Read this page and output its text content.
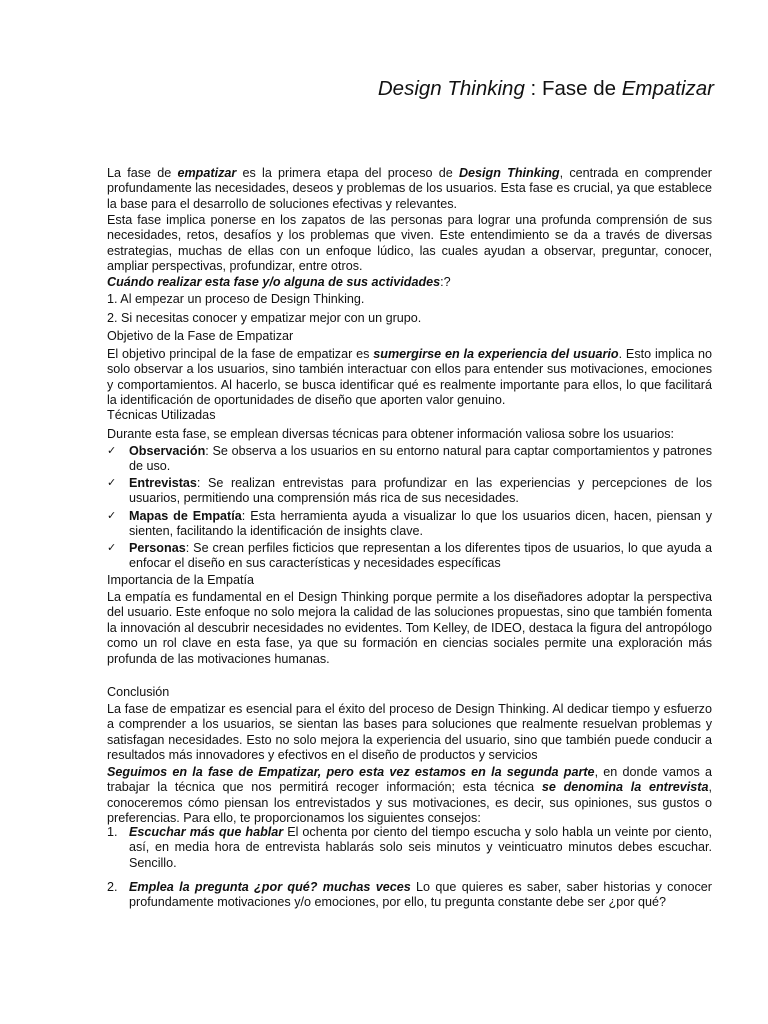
Design Thinking : Fase de Empatizar

La fase de empatizar es la primera etapa del proceso de Design Thinking, centrada en comprender profundamente las necesidades, deseos y problemas de los usuarios. Esta fase es crucial, ya que establece la base para el desarrollo de soluciones efectivas y relevantes.

Esta fase implica ponerse en los zapatos de las personas para lograr una profunda comprensión de sus necesidades, retos, desafíos y los problemas que viven. Este entendimiento se da a través de diversas estrategias, muchas de ellas con un enfoque lúdico, las cuales ayudan a observar, preguntar, conocer, ampliar perspectivas, profundizar, entre otros.

Cuándo realizar esta fase y/o alguna de sus actividades:?
1. Al empezar un proceso de Design Thinking.
2. Si necesitas conocer y empatizar mejor con un grupo.
Objetivo de la Fase de Empatizar

El objetivo principal de la fase de empatizar es sumergirse en la experiencia del usuario. Esto implica no solo observar a los usuarios, sino también interactuar con ellos para entender sus motivaciones, emociones y comportamientos. Al hacerlo, se busca identificar qué es realmente importante para ellos, lo que facilitará la identificación de oportunidades de diseño que aporten valor genuino.

Técnicas Utilizadas
Durante esta fase, se emplean diversas técnicas para obtener información valiosa sobre los usuarios:
✓ Observación: Se observa a los usuarios en su entorno natural para captar comportamientos y patrones de uso.
✓ Entrevistas: Se realizan entrevistas para profundizar en las experiencias y percepciones de los usuarios, permitiendo una comprensión más rica de sus necesidades.
✓ Mapas de Empatía: Esta herramienta ayuda a visualizar lo que los usuarios dicen, hacen, piensan y sienten, facilitando la identificación de insights clave.
✓ Personas: Se crean perfiles ficticios que representan a los diferentes tipos de usuarios, lo que ayuda a enfocar el diseño en sus características y necesidades específicas
Importancia de la Empatía

La empatía es fundamental en el Design Thinking porque permite a los diseñadores adoptar la perspectiva del usuario. Este enfoque no solo mejora la calidad de las soluciones propuestas, sino que también fomenta la innovación al descubrir necesidades no evidentes. Tom Kelley, de IDEO, destaca la figura del antropólogo como un rol clave en esta fase, ya que su formación en ciencias sociales permite una exploración más profunda de las motivaciones humanas.

Conclusión

La fase de empatizar es esencial para el éxito del proceso de Design Thinking. Al dedicar tiempo y esfuerzo a comprender a los usuarios, se sientan las bases para soluciones que realmente resuelvan problemas y satisfagan necesidades. Esto no solo mejora la experiencia del usuario, sino que también puede conducir a resultados más innovadores y efectivos en el diseño de productos y servicios

Seguimos en la fase de Empatizar, pero esta vez estamos en la segunda parte, en donde vamos a trabajar la técnica que nos permitirá recoger información; esta técnica se denomina la entrevista, conoceremos cómo piensan los entrevistados y sus motivaciones, es decir, sus opiniones, sus gustos o preferencias. Para ello, te proporcionamos los siguientes consejos:

1. Escuchar más que hablar El ochenta por ciento del tiempo escucha y solo habla un veinte por ciento, así, en media hora de entrevista hablarás solo seis minutos y veinticuatro minutos debes escuchar. Sencillo.
2. Emplea la pregunta ¿por qué? muchas veces Lo que quieres es saber, saber historias y conocer profundamente motivaciones y/o emociones, por ello, tu pregunta constante debe ser ¿por qué?
